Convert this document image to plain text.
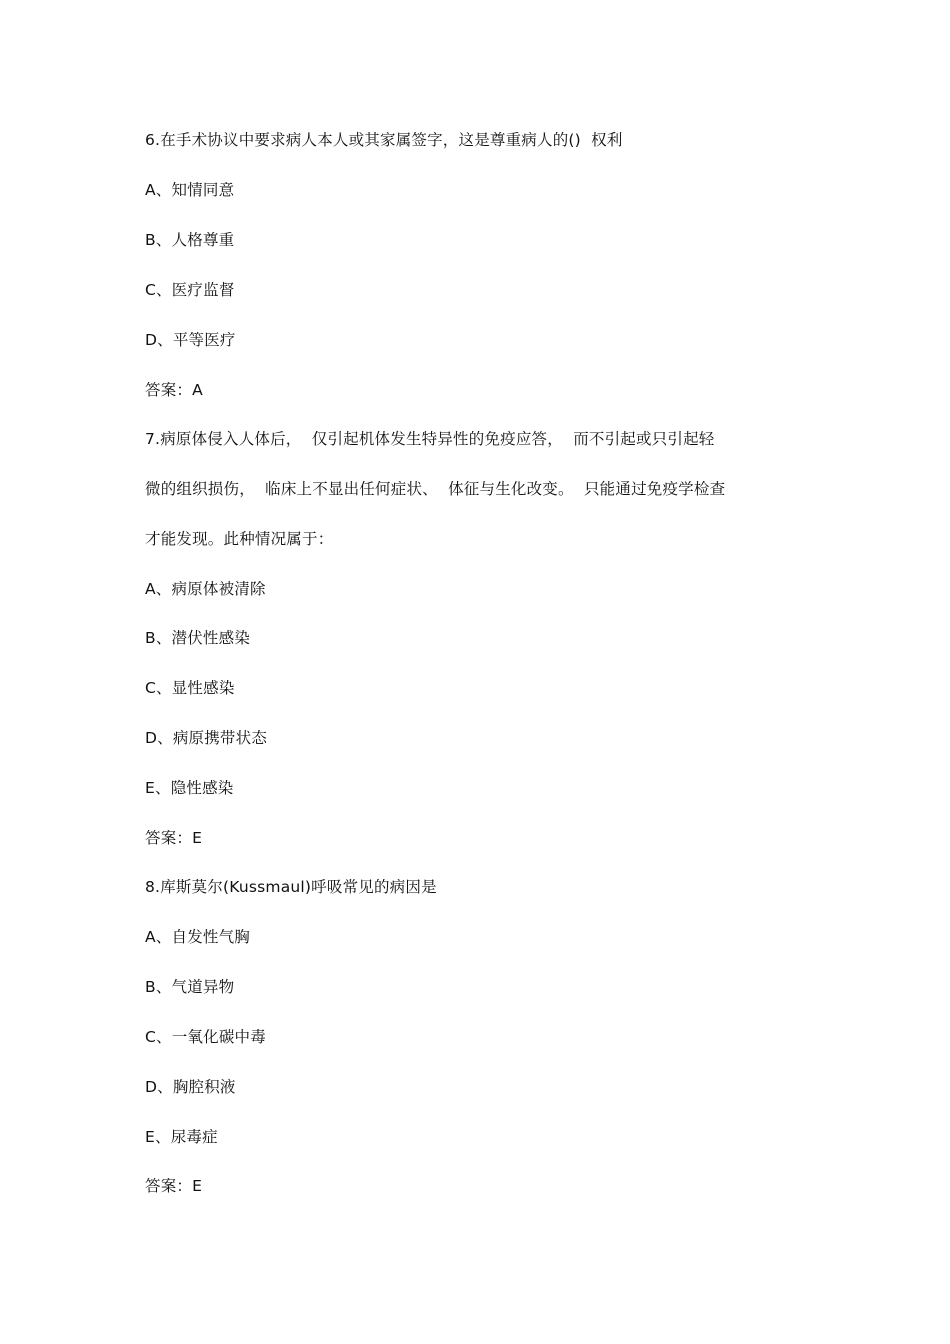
6.在手术协议中要求病人本人或其家属签字，这是尊重病人的()  权利
A、知情同意
B、人格尊重
C、医疗监督
D、平等医疗
答案：A
7.病原体侵入人体后，  仅引起机体发生特异性的免疫应答，  而不引起或只引起轻
微的组织损伤，  临床上不显出任何症状、  体征与生化改变。  只能通过免疫学检查
才能发现。此种情况属于：
A、病原体被清除
B、潜伏性感染
C、显性感染
D、病原携带状态
E、隐性感染
答案：E
8.库斯莫尔(Kussmaul)呼吸常见的病因是
A、自发性气胸
B、气道异物
C、一氧化碳中毒
D、胸腔积液
E、尿毒症
答案：E
